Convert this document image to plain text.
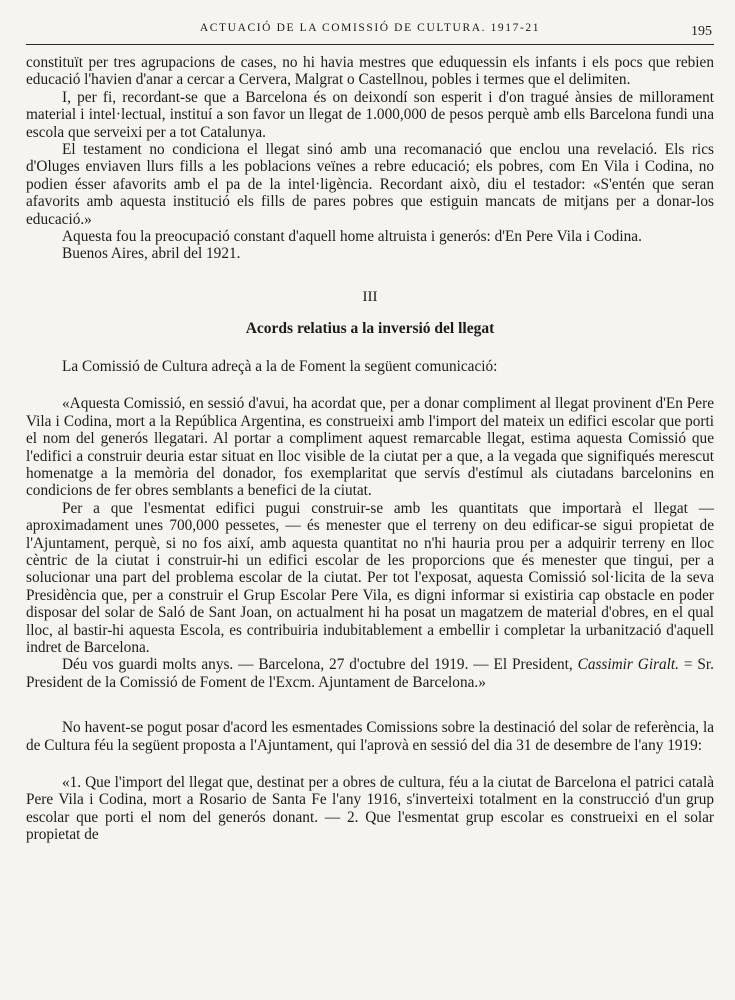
ACTUACIÓ DE LA COMISSIÓ DE CULTURA. 1917-21	195

constituït per tres agrupacions de cases, no hi havia mestres que eduquessin els infants i els pocs que rebien educació l'havien d'anar a cercar a Cervera, Malgrat o Castellnou, pobles i termes que el delimiten.

I, per fi, recordant-se que a Barcelona és on deixondí son esperit i d'on tragué ànsies de millorament material i intel·lectual, instituí a son favor un llegat de 1.000,000 de pesos perquè amb ells Barcelona fundi una escola que serveixi per a tot Catalunya.

El testament no condiciona el llegat sinó amb una recomanació que enclou una revelació. Els rics d'Oluges enviaven llurs fills a les poblacions veïnes a rebre educació; els pobres, com En Vila i Codina, no podien ésser afavorits amb el pa de la intel·ligència. Recordant això, diu el testador: «S'entén que seran afavorits amb aquesta institució els fills de pares pobres que estiguin mancats de mitjans per a donar-los educació.»

Aquesta fou la preocupació constant d'aquell home altruista i generós: d'En Pere Vila i Codina.

Buenos Aires, abril del 1921.

III

Acords relatius a la inversió del llegat

La Comissió de Cultura adreçà a la de Foment la següent comunicació:

«Aquesta Comissió, en sessió d'avui, ha acordat que, per a donar compliment al llegat provinent d'En Pere Vila i Codina, mort a la República Argentina, es construeixi amb l'import del mateix un edifici escolar que porti el nom del generós llegatari. Al portar a compliment aquest remarcable llegat, estima aquesta Comissió que l'edifici a construir deuria estar situat en lloc visible de la ciutat per a que, a la vegada que signifiqués merescut homenatge a la memòria del donador, fos exemplaritat que servís d'estímul als ciutadans barcelonins en condicions de fer obres semblants a benefici de la ciutat.

Per a que l'esmentat edifici pugui construir-se amb les quantitats que importarà el llegat — aproximadament unes 700,000 pessetes, — és menester que el terreny on deu edificar-se sigui propietat de l'Ajuntament, perquè, si no fos així, amb aquesta quantitat no n'hi hauria prou per a adquirir terreny en lloc cèntric de la ciutat i construir-hi un edifici escolar de les proporcions que és menester que tingui, per a solucionar una part del problema escolar de la ciutat. Per tot l'exposat, aquesta Comissió sol·licita de la seva Presidència que, per a construir el Grup Escolar Pere Vila, es digni informar si existiria cap obstacle en poder disposar del solar de Saló de Sant Joan, on actualment hi ha posat un magatzem de material d'obres, en el qual lloc, al bastir-hi aquesta Escola, es contribuiria indubitablement a embellir i completar la urbanització d'aquell indret de Barcelona.

Déu vos guardi molts anys. — Barcelona, 27 d'octubre del 1919. — El President, Cassimir Giralt. = Sr. President de la Comissió de Foment de l'Excm. Ajuntament de Barcelona.»

No havent-se pogut posar d'acord les esmentades Comissions sobre la destinació del solar de referència, la de Cultura féu la següent proposta a l'Ajuntament, qui l'aprovà en sessió del dia 31 de desembre de l'any 1919:

«1. Que l'import del llegat que, destinat per a obres de cultura, féu a la ciutat de Barcelona el patrici català Pere Vila i Codina, mort a Rosario de Santa Fe l'any 1916, s'inverteixi totalment en la construcció d'un grup escolar que porti el nom del generós donant. — 2. Que l'esmentat grup escolar es construeixi en el solar propietat de
